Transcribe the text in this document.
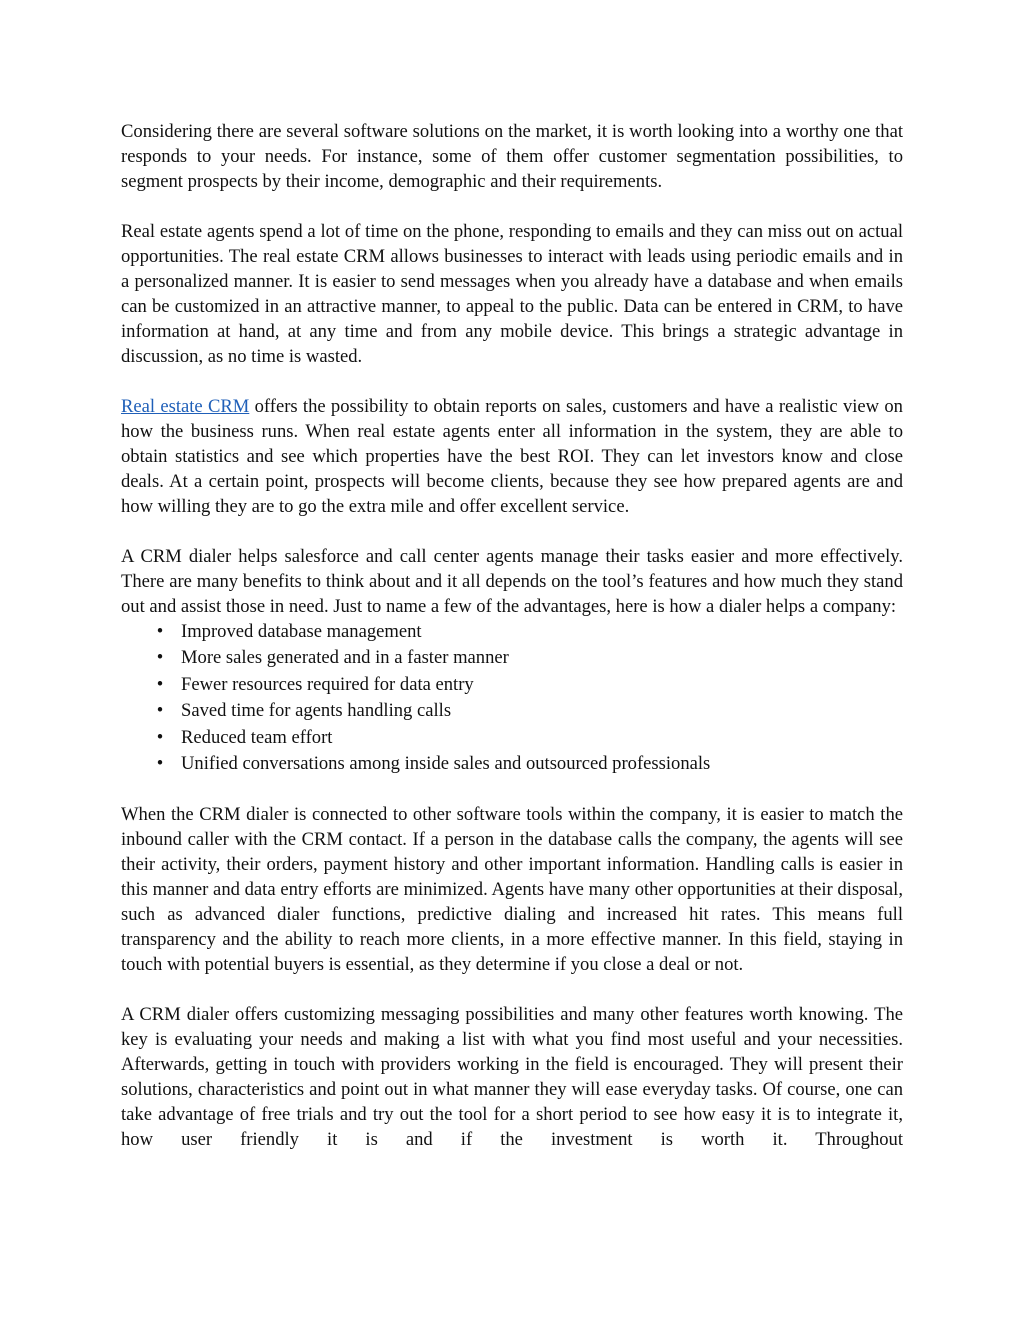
Considering there are several software solutions on the market, it is worth looking into a worthy one that responds to your needs. For instance, some of them offer customer segmentation possibilities, to segment prospects by their income, demographic and their requirements.

Real estate agents spend a lot of time on the phone, responding to emails and they can miss out on actual opportunities. The real estate CRM allows businesses to interact with leads using periodic emails and in a personalized manner. It is easier to send messages when you already have a database and when emails can be customized in an attractive manner, to appeal to the public. Data can be entered in CRM, to have information at hand, at any time and from any mobile device. This brings a strategic advantage in discussion, as no time is wasted.

Real estate CRM offers the possibility to obtain reports on sales, customers and have a realistic view on how the business runs. When real estate agents enter all information in the system, they are able to obtain statistics and see which properties have the best ROI. They can let investors know and close deals. At a certain point, prospects will become clients, because they see how prepared agents are and how willing they are to go the extra mile and offer excellent service.

A CRM dialer helps salesforce and call center agents manage their tasks easier and more effectively. There are many benefits to think about and it all depends on the tool’s features and how much they stand out and assist those in need. Just to name a few of the advantages, here is how a dialer helps a company:

• Improved database management
• More sales generated and in a faster manner
• Fewer resources required for data entry
• Saved time for agents handling calls
• Reduced team effort
• Unified conversations among inside sales and outsourced professionals

When the CRM dialer is connected to other software tools within the company, it is easier to match the inbound caller with the CRM contact. If a person in the database calls the company, the agents will see their activity, their orders, payment history and other important information. Handling calls is easier in this manner and data entry efforts are minimized. Agents have many other opportunities at their disposal, such as advanced dialer functions, predictive dialing and increased hit rates. This means full transparency and the ability to reach more clients, in a more effective manner. In this field, staying in touch with potential buyers is essential, as they determine if you close a deal or not.

A CRM dialer offers customizing messaging possibilities and many other features worth knowing. The key is evaluating your needs and making a list with what you find most useful and your necessities. Afterwards, getting in touch with providers working in the field is encouraged. They will present their solutions, characteristics and point out in what manner they will ease everyday tasks. Of course, one can take advantage of free trials and try out the tool for a short period to see how easy it is to integrate it, how user friendly it is and if the investment is worth it. Throughout
